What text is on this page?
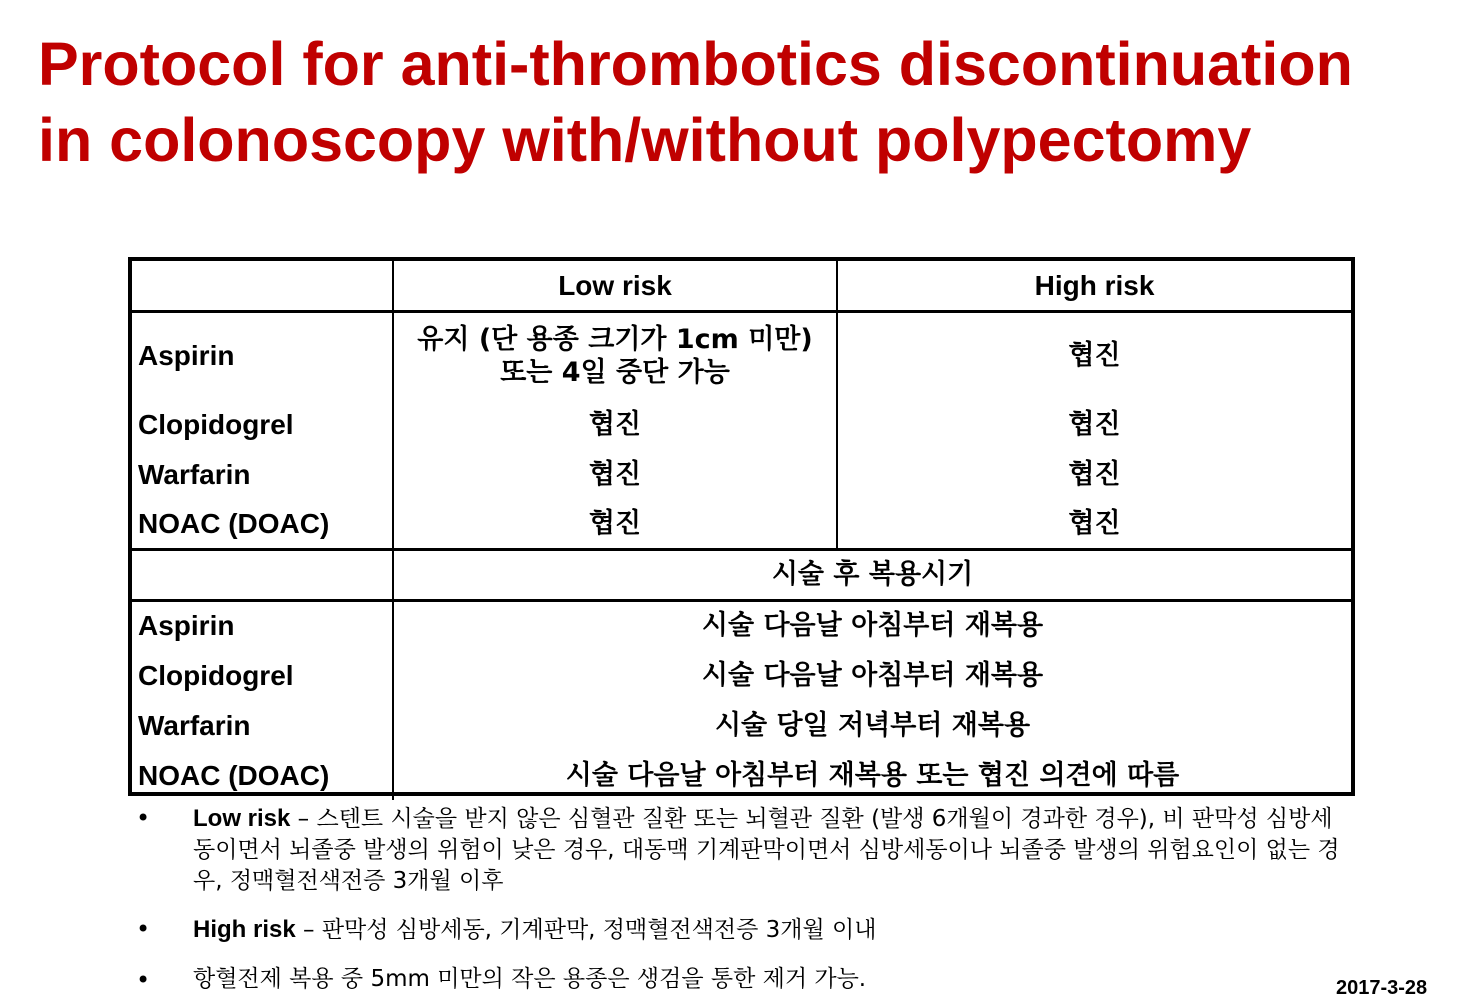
Protocol for anti-thrombotics discontinuation
in colonoscopy with/without polypectomy
	Low risk	High risk
Aspirin	유지 (단 용종 크기가 1cm 미만)
또는 4일 중단 가능	협진
Clopidogrel	협진	협진
Warfarin	협진	협진
NOAC (DOAC)	협진	협진
	시술 후 복용시기	
Aspirin	시술 다음날 아침부터 재복용	
Clopidogrel	시술 다음날 아침부터 재복용	
Warfarin	시술 당일 저녁부터 재복용	
NOAC (DOAC)	시술 다음날 아침부터 재복용 또는 협진 의견에 따름	
• Low risk – 스텐트 시술을 받지 않은 심혈관 질환 또는 뇌혈관 질환 (발생 6개월이 경과한 경우), 비 판막성 심방세동이면서 뇌졸중 발생의 위험이 낮은 경우, 대동맥 기계판막이면서 심방세동이나 뇌졸중 발생의 위험요인이 없는 경우, 정맥혈전색전증 3개월 이후
• High risk – 판막성 심방세동, 기계판막, 정맥혈전색전증 3개월 이내
• 항혈전제 복용 중 5mm 미만의 작은 용종은 생검을 통한 제거 가능.	2017-3-28
